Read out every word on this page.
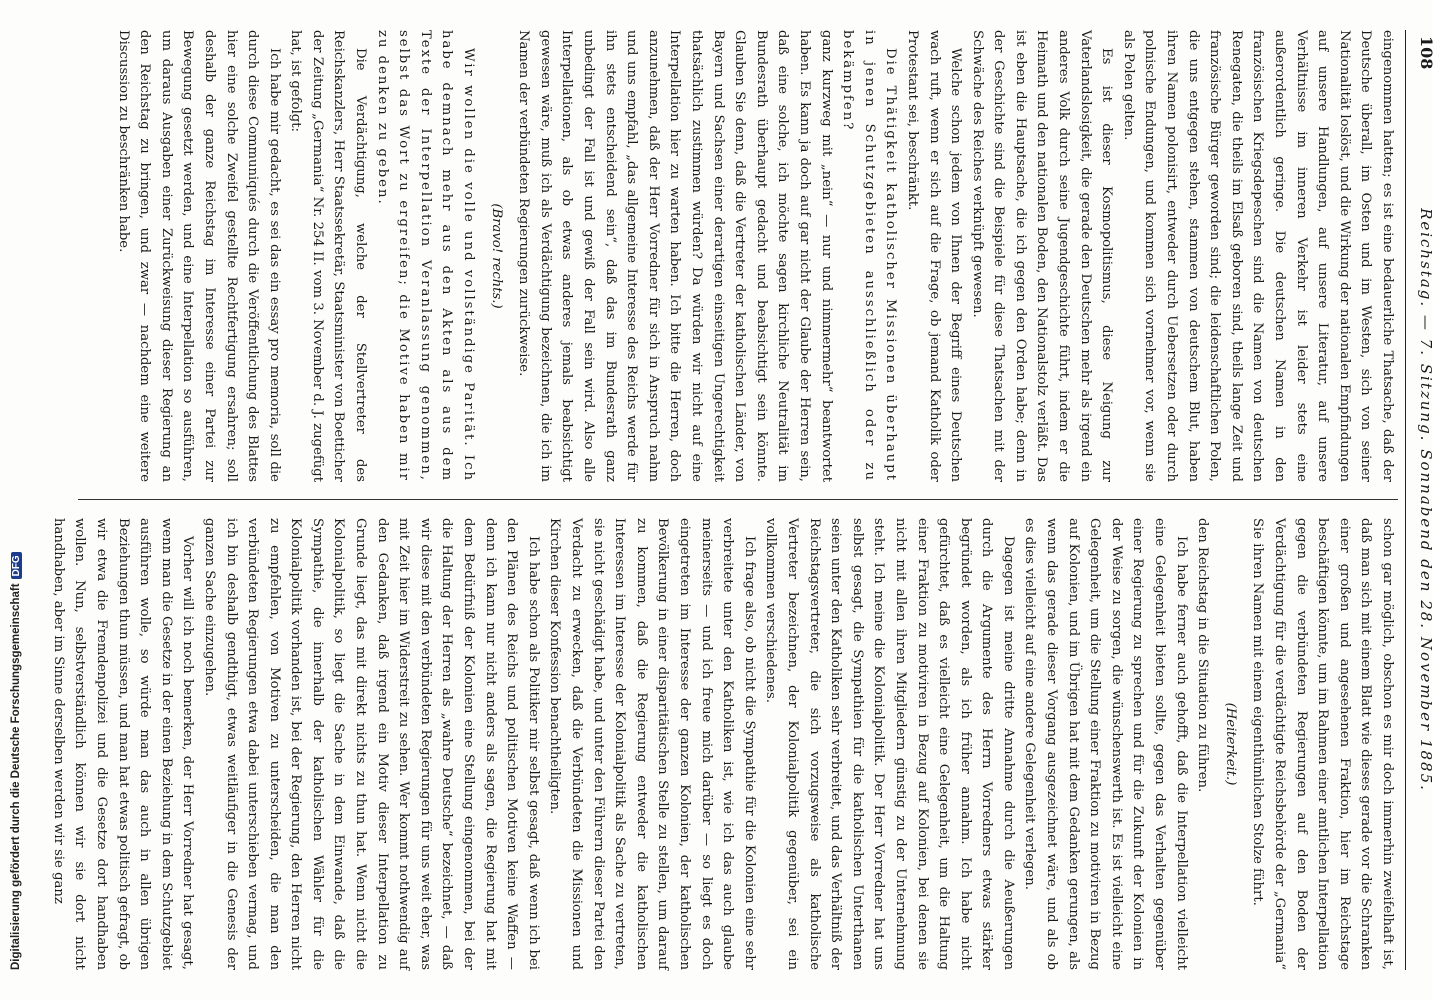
Digitalisierung gefördert durch die Deutsche ForschungsgemeinschaftDFG
108
Reichstag. — 7. Sitzung. Sonnabend den 28. November 1885.

eingenommen hatten; es ist eine bedauerliche Thatsache, daß der Deutsche überall, im Osten und im Westen, sich von seiner Nationalität loslöst, und die Wirkung der nationalen Empfindungen auf unsere Handlungen, auf unsere Literatur, auf unsere Verhältnisse im inneren Verkehr ist leider stets eine außerordentlich geringe. Die deutschen Namen in den französischen Kriegsdepeschen sind die Namen von deutschen Renegaten, die theils im Elsaß geboren sind, theils lange Zeit und französische Bürger geworden sind; die leidenschaftlichen Polen, die uns entgegen stehen, stammen von deutschem Blut, haben ihren Namen polonisirt, entweder durch Uebersetzen oder durch polnische Endungen, und kommen sich vornehmer vor, wenn sie als Polen gelten.

Es ist dieser Kosmopolitismus, diese Neigung zur Vaterlandslosigkeit, die gerade den Deutschen mehr als irgend ein anderes Volk durch seine Jugendgeschichte führt, indem er die Heimath und den nationalen Boden, den Nationalstolz verläßt. Das ist eben die Hauptsache, die ich gegen den Orden habe; denn in der Geschichte sind die Beispiele für diese Thatsachen mit der Schwäche des Reiches verknüpft gewesen.

Welche schon jedem von Ihnen der Begriff eines Deutschen wach ruft, wenn er sich auf die Frage, ob jemand Katholik oder Protestant sei, beschränkt.

Die Thätigkeit katholischer Missionen überhaupt in jenen Schutzgebieten ausschließlich oder zu bekämpfen?

ganz kurzweg mit „nein“ — nur und nimmermehr“ beantwortet haben. Es kann ja doch auf gar nicht der Glaube der Herren sein, daß eine solche, ich möchte sagen kirchliche Neutralität im Bundesrath überhaupt gedacht und beabsichtigt sein könnte. Glauben Sie denn, daß die Vertreter der katholischen Länder, von Bayern und Sachsen einer derartigen einseitigen Ungerechtigkeit thatsächlich zustimmen würden? Da würden wir nicht auf eine Interpellation hier zu warten haben. Ich bitte die Herren, doch anzunehmen, daß der Herr Vorredner für sich in Anspruch nahm und uns empfahl, „das allgemeine Interesse des Reichs werde für ihn stets entscheidend sein“, daß das im Bundesrath ganz unbedingt der Fall ist und gewiß der Fall sein wird. Also alle Interpellationen, als ob etwas anderes jemals beabsichtigt gewesen wäre, muß ich als Verdächtigung bezeichnen, die ich im Namen der verbündeten Regierungen zurückweise.

(Bravo! rechts.)

Wir wollen die volle und vollständige Parität. Ich habe demnach mehr aus den Akten als aus dem Texte der Interpellation Veranlassung genommen, selbst das Wort zu ergreifen; die Motive haben mir zu denken zu geben.

Die Verdächtigung, welche der Stellvertreter des Reichskanzlers, Herr Staatssekretär, Staatsminister von Boetticher der Zeitung „Germania“ Nr. 254 II. vom 3. November d. J. zugefügt hat, ist gefolgt:

Ich habe mir gedacht, es sei das ein essay pro memoria, soll die durch diese Communiqués durch die Veröffentlichung des Blattes hier eine solche Zweifel gestellte Rechtfertigung ersahren; soll deshalb der ganze Reichstag im Interesse einer Partei zur Bewegung gesetzt werden, und eine Interpellation so ausführen, um daraus Ausgaben einer Zurückweisung dieser Regierung an den Reichstag zu bringen, und zwar — nachdem eine weitere Discussion zu beschränken habe.

schon gar möglich, obschon es mir doch immerhin zweifelhaft ist, daß man sich mit einem Blatt wie dieses gerade vor die Schranken einer großen und angesehenen Fraktion, hier im Reichstage beschäftigen könnte, um im Rahmen einer amtlichen Interpellation gegen die verbündeten Regierungen auf den Boden der Verdächtigung für die verdächtigte Reichsbehörde der „Germania“ Sie ihren Namen mit einem eigenthümlichen Stolze führt.

(Heiterkeit.)

den Reichstag in die Situation zu führen.

Ich habe ferner auch gehofft, daß die Interpellation vielleicht eine Gelegenheit bieten sollte, gegen das Verhalten gegenüber einer Regierung zu sprechen und für die Zukunft der Kolonien in der Weise zu sorgen, die wünschenswerth ist. Es ist vielleicht eine Gelegenheit, um die Stellung einer Fraktion zu motiviren in Bezug auf Kolonien, und im Übrigen hat mit dem Gedanken gerungen, als wenn das gerade dieser Vorgang ausgezeichnet wäre, und als ob es dies vielleicht auf eine andere Gelegenheit verlegen.

Dagegen ist meine dritte Annahme durch die Aeußerungen durch die Argumente des Herrn Vorredners etwas stärker begründet worden, als ich früher annahm. Ich habe nicht gefürchtet, daß es vielleicht eine Gelegenheit, um die Haltung einer Fraktion zu motiviren in Bezug auf Kolonien, bei denen sie nicht mit allen ihren Mitgliedern günstig zu der Unternehmung steht. Ich meine die Kolonialpolitik. Der Herr Vorredner hat uns selbst gesagt, die Sympathien für die katholischen Unterthanen seien unter den Katholiken sehr verbreitet, und das Verhältniß der Reichstagsvertreter, die sich vorzugsweise als katholische Vertreter bezeichnen, der Kolonialpolitik gegenüber, sei ein vollkommen verschiedenes.

Ich frage also, ob nicht die Sympathie für die Kolonien eine sehr verbreitete unter den Katholiken ist, wie ich das auch glaube meinerseits — und ich freue mich darüber — so liegt es doch eingetreten im Interesse der ganzen Kolonien, der katholischen Bevölkerung in einer disparitätischen Stelle zu stellen, um darauf zu kommen, daß die Regierung entweder die katholischen Interessen im Interesse der Kolonialpolitik als Sache zu vertreten, sie nicht geschädigt habe, und unter den Führern dieser Partei den Verdacht zu erwecken, daß die Verbündeten die Missionen und Kirchen dieser Konfession benachtheiligten.

Ich habe schon als Politiker mir selbst gesagt, daß wenn ich bei den Plänen des Reichs und politischen Motiven keine Waffen — denn ich kann nur nicht anders als sagen, die Regierung hat mit dem Bedürfniß der Kolonien eine Stellung eingenommen, bei der die Haltung der Herren als „wahre Deutsche“ bezeichnet, — daß wir diese mit den verbündeten Regierungen für uns weit eher, was mit Zeit hier im Widerstreit zu sehen. Wer kommt nothwendig auf den Gedanken, daß irgend ein Motiv dieser Interpellation zu Grunde liegt, das mit direkt nichts zu thun hat. Wenn nicht die Kolonialpolitik, so liegt die Sache in dem Einwande, daß die Sympathie, die innerhalb der katholischen Wähler für die Kolonialpolitik vorhanden ist, bei der Regierung, den Herren nicht zu empfehlen, von Motiven zu unterscheiden, die man den verbündeten Regierungen etwa dabei unterschieben vermag, und ich bin deshalb gendthigt, etwas weitläufiger in die Genesis der ganzen Sache einzugehen.

Vorher will ich noch bemerken, der Herr Vorredner hat gesagt, wenn man die Gesetze in der einen Beziehung in dem Schutzgebiet ausführen wolle, so würde man das auch in allen übrigen Beziehungen thun müssen, und man hat etwas politisch gefragt, ob wir etwa die Fremdenpolizei und die Gesetze dort handhaben wollen. Nun, selbstverständlich können wir sie dort nicht handhaben, aber im Sinne derselben werden wir sie ganz
